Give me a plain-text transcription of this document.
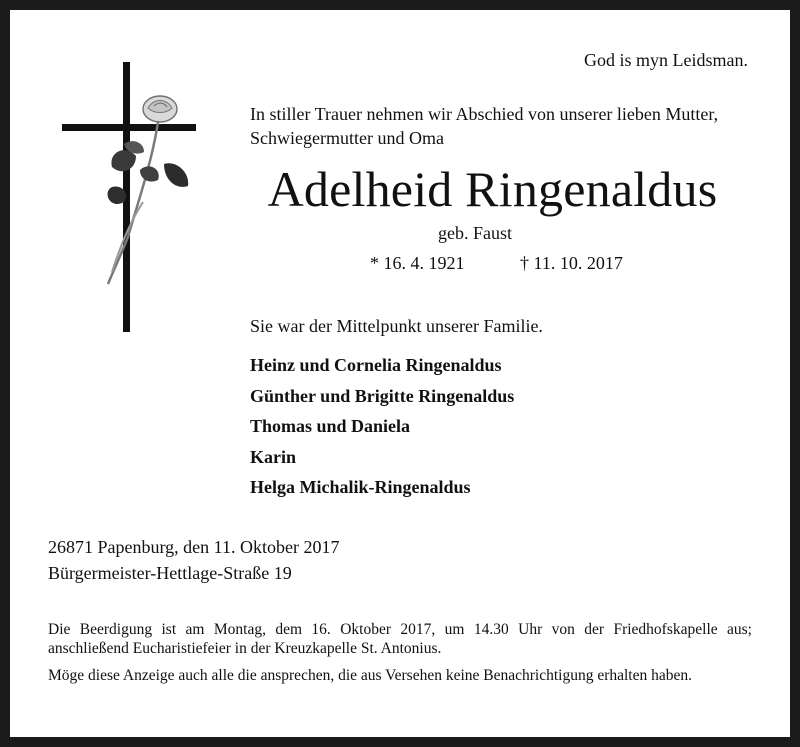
God is myn Leidsman.

In stiller Trauer nehmen wir Abschied von unserer lieben Mutter,
Schwiegermutter und Oma

Adelheid Ringenaldus

geb. Faust

* 16. 4. 1921	† 11. 10. 2017

Sie war der Mittelpunkt unserer Familie.

Heinz und Cornelia Ringenaldus
Günther und Brigitte Ringenaldus
Thomas und Daniela
Karin
Helga Michalik-Ringenaldus

26871 Papenburg, den 11. Oktober 2017

Bürgermeister-Hettlage-Straße 19

Die Beerdigung ist am Montag, dem 16. Oktober 2017, um 14.30 Uhr von der Friedhofskapelle aus; anschließend Eucharistiefeier in der Kreuzkapelle St. Antonius.

Möge diese Anzeige auch alle die ansprechen, die aus Versehen keine Benachrichtigung erhalten haben.
